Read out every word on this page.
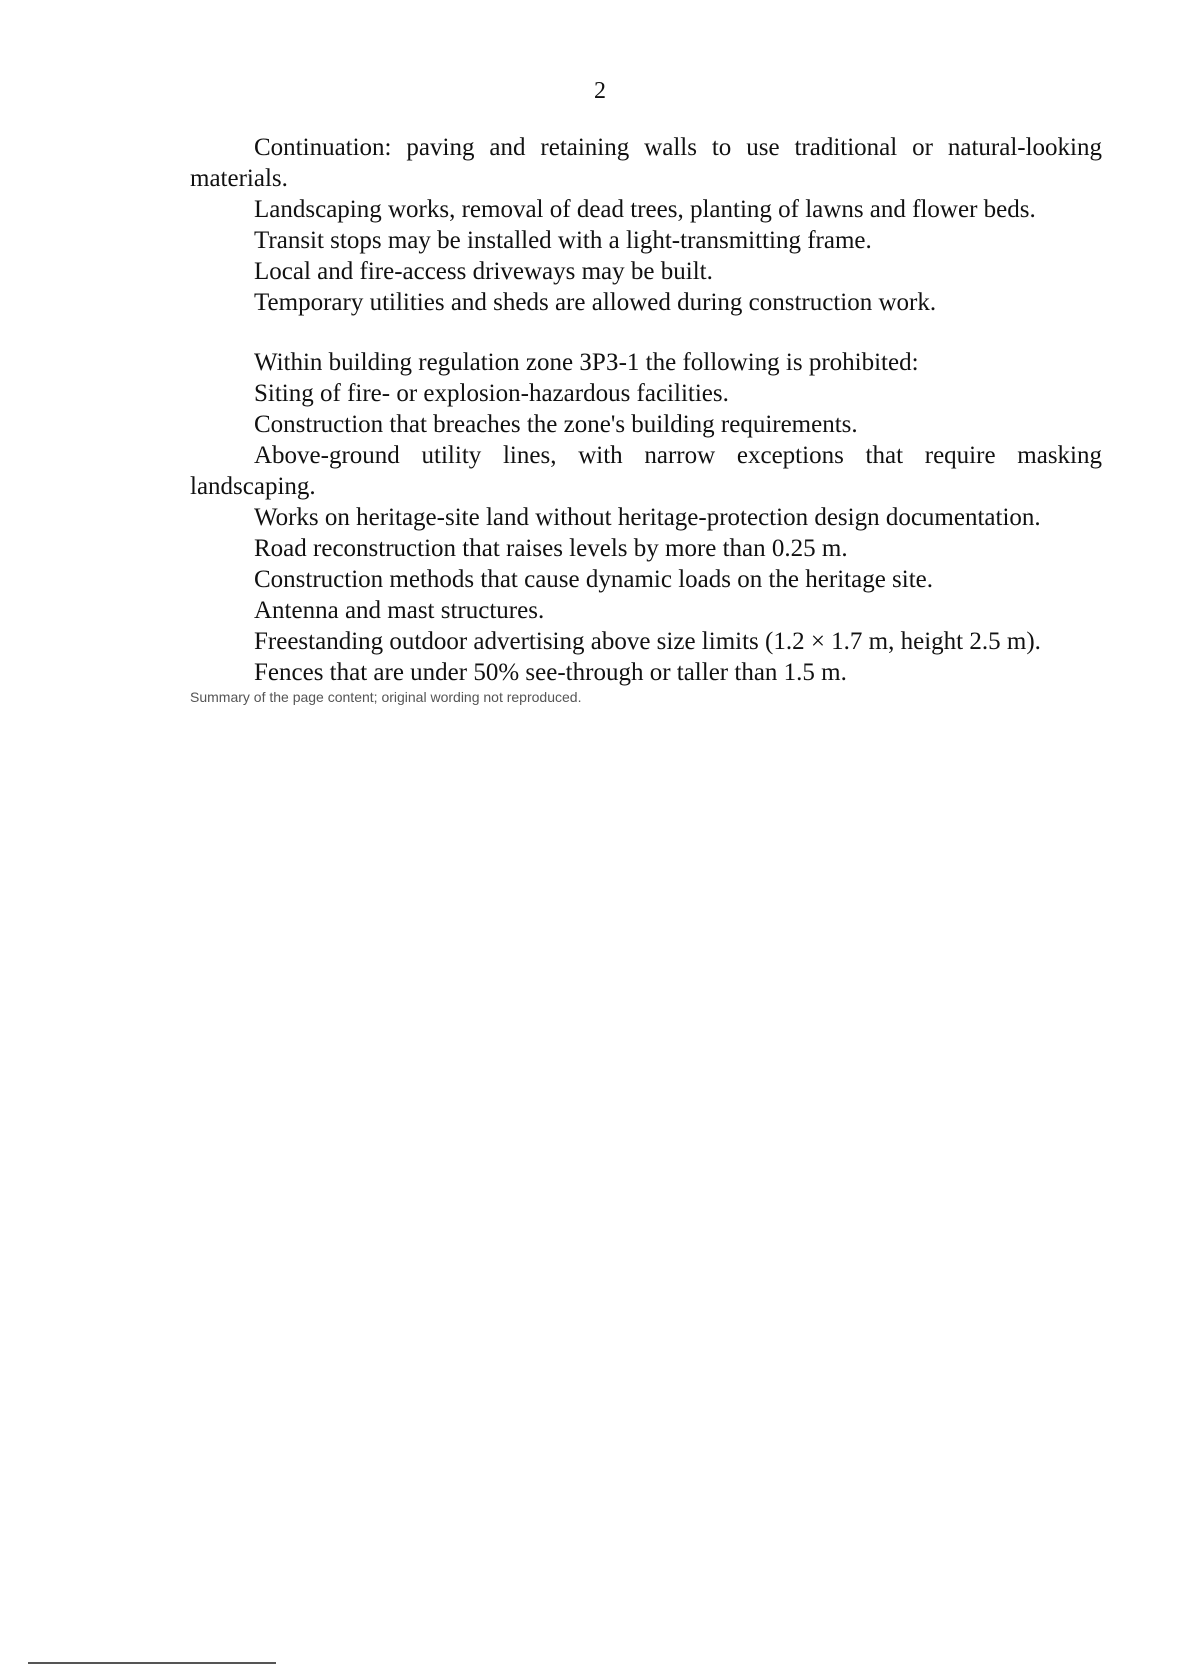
2

Continuation: paving and retaining walls to use traditional or natural-looking materials.

Landscaping works, removal of dead trees, planting of lawns and flower beds.

Transit stops may be installed with a light-transmitting frame.

Local and fire-access driveways may be built.

Temporary utilities and sheds are allowed during construction work.

Within building regulation zone ЗРЗ-1 the following is prohibited:

Siting of fire- or explosion-hazardous facilities.

Construction that breaches the zone's building requirements.

Above-ground utility lines, with narrow exceptions that require masking landscaping.

Works on heritage-site land without heritage-protection design documentation.

Road reconstruction that raises levels by more than 0.25 m.

Construction methods that cause dynamic loads on the heritage site.

Antenna and mast structures.

Freestanding outdoor advertising above size limits (1.2 × 1.7 m, height 2.5 m).

Fences that are under 50% see-through or taller than 1.5 m.

Summary of the page content; original wording not reproduced.
